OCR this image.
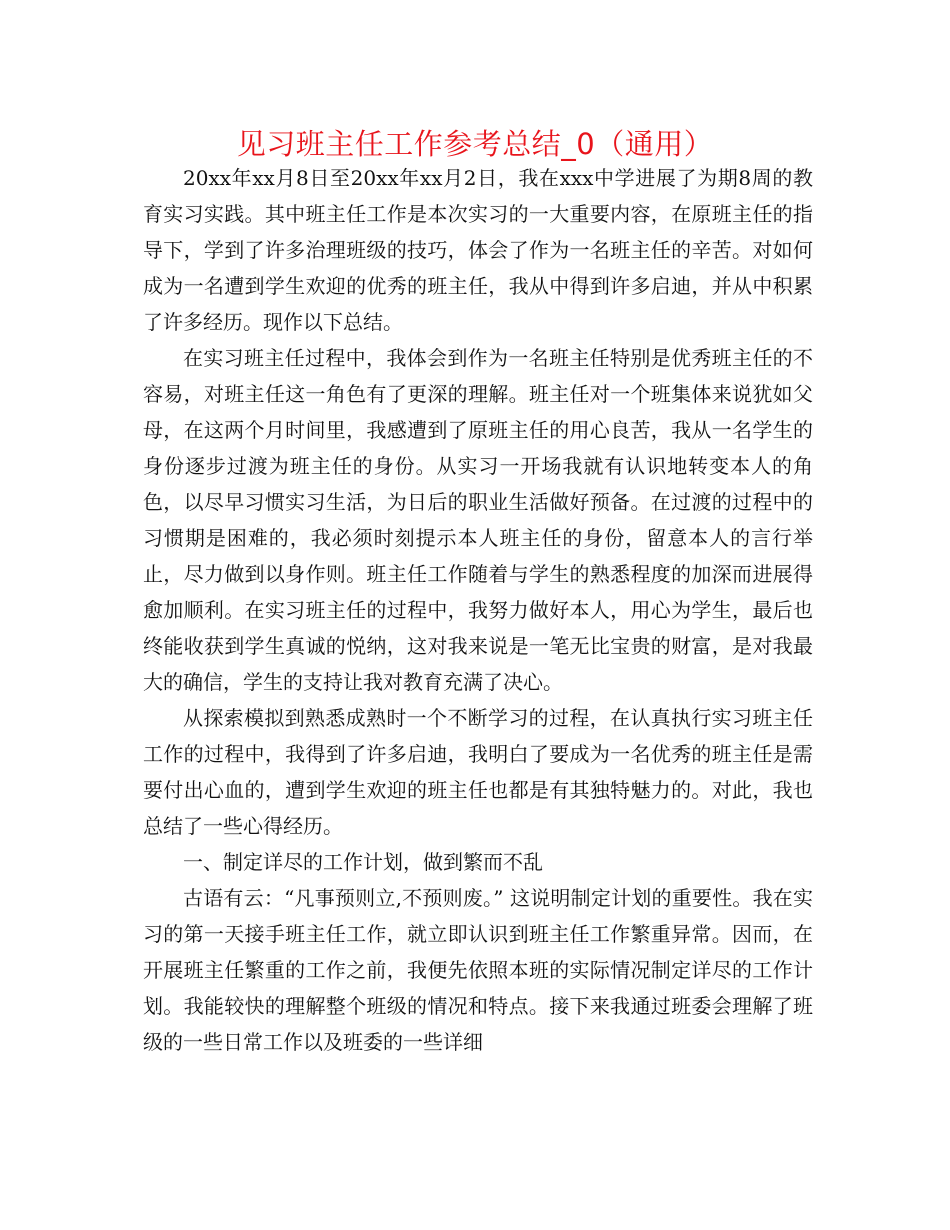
见习班主任工作参考总结_0（通用）

20xx年xx月8日至20xx年xx月2日，我在xxx中学进展了为期8周的教育实习实践。其中班主任工作是本次实习的一大重要内容，在原班主任的指导下，学到了许多治理班级的技巧，体会了作为一名班主任的辛苦。对如何成为一名遭到学生欢迎的优秀的班主任，我从中得到许多启迪，并从中积累了许多经历。现作以下总结。

在实习班主任过程中，我体会到作为一名班主任特别是优秀班主任的不容易，对班主任这一角色有了更深的理解。班主任对一个班集体来说犹如父母，在这两个月时间里，我感遭到了原班主任的用心良苦，我从一名学生的身份逐步过渡为班主任的身份。从实习一开场我就有认识地转变本人的角色，以尽早习惯实习生活，为日后的职业生活做好预备。在过渡的过程中的习惯期是困难的，我必须时刻提示本人班主任的身份，留意本人的言行举止，尽力做到以身作则。班主任工作随着与学生的熟悉程度的加深而进展得愈加顺利。在实习班主任的过程中，我努力做好本人，用心为学生，最后也终能收获到学生真诚的悦纳，这对我来说是一笔无比宝贵的财富，是对我最大的确信，学生的支持让我对教育充满了决心。

从探索模拟到熟悉成熟时一个不断学习的过程，在认真执行实习班主任工作的过程中，我得到了许多启迪，我明白了要成为一名优秀的班主任是需要付出心血的，遭到学生欢迎的班主任也都是有其独特魅力的。对此，我也总结了一些心得经历。

一、制定详尽的工作计划，做到繁而不乱

古语有云：“凡事预则立,不预则废。” 这说明制定计划的重要性。我在实习的第一天接手班主任工作，就立即认识到班主任工作繁重异常。因而，在开展班主任繁重的工作之前，我便先依照本班的实际情况制定详尽的工作计划。我能较快的理解整个班级的情况和特点。接下来我通过班委会理解了班级的一些日常工作以及班委的一些详细
